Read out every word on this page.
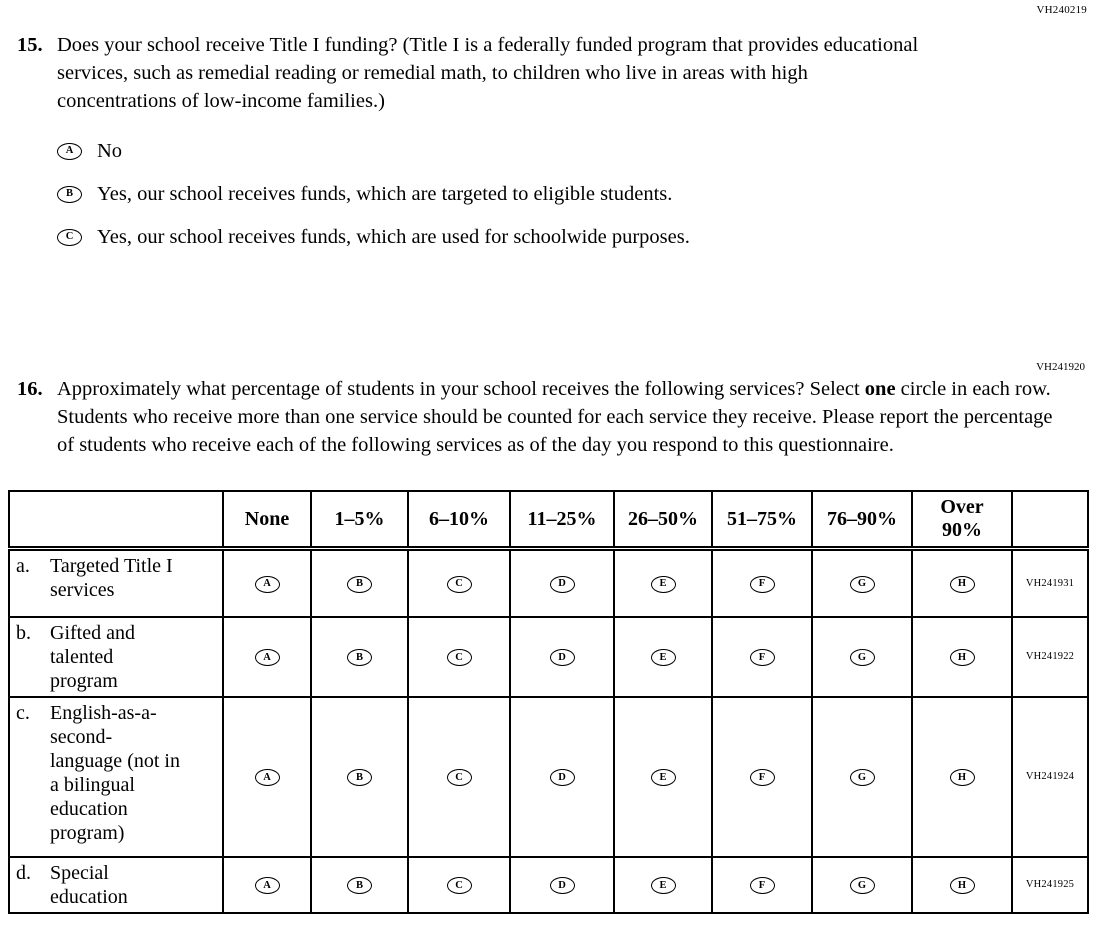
VH240219
15. Does your school receive Title I funding? (Title I is a federally funded program that provides educational services, such as remedial reading or remedial math, to children who live in areas with high concentrations of low-income families.)

A	No
B	Yes, our school receives funds, which are targeted to eligible students.
C	Yes, our school receives funds, which are used for schoolwide purposes.
VH241920
16. Approximately what percentage of students in your school receives the following services? Select one circle in each row. Students who receive more than one service should be counted for each service they receive. Please report the percentage of students who receive each of the following services as of the day you respond to this questionnaire.

	None	1–5%	6–10%	11–25%	26–50%	51–75%	76–90%	Over 90%	

a. Targeted Title I services	A	B	C	D	E	F	G	H	VH241931

b. Gifted and talented program	A	B	C	D	E	F	G	H	VH241922

c. English-as-a-second-language (not in a bilingual education program)	A	B	C	D	E	F	G	H	VH241924

d. Special education	A	B	C	D	E	F	G	H	VH241925
